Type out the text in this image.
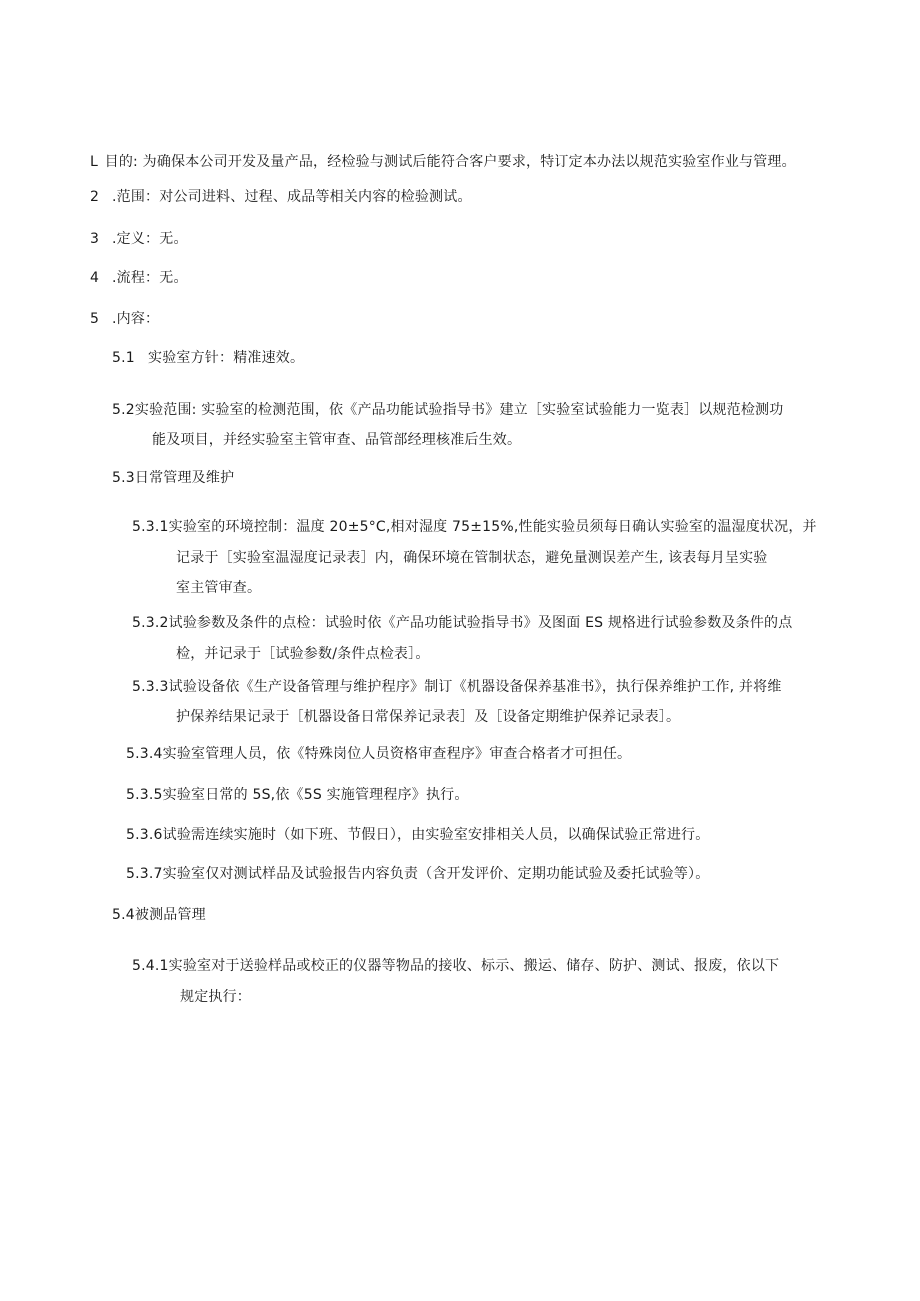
L 目的: 为确保本公司开发及量产品，经检验与测试后能符合客户要求，特订定本办法以规范实验室作业与管理。
2 .范围：对公司进料、过程、成品等相关内容的检验测试。
3 .定义：无。
4 .流程：无。
5 .内容：
5.1 实验室方针：精准速效。
5.2实验范围: 实验室的检测范围，依《产品功能试验指导书》建立［实验室试验能力一览表］以规范检测功
能及项目，并经实验室主管审查、品管部经理核准后生效。
5.3日常管理及维护
5.3.1实验室的环境控制：温度 20±5°C,相对湿度 75±15%,性能实验员须每日确认实验室的温湿度状况，并
记录于［实验室温湿度记录表］内，确保环境在管制状态，避免量测误差产生, 该表每月呈实验
室主管审查。
5.3.2试验参数及条件的点检：试验时依《产品功能试验指导书》及图面 ES 规格进行试验参数及条件的点
检，并记录于［试验参数/条件点检表］。
5.3.3试验设备依《生产设备管理与维护程序》制订《机器设备保养基准书》，执行保养维护工作, 并将维
护保养结果记录于［机器设备日常保养记录表］及［设备定期维护保养记录表］。
5.3.4实验室管理人员，依《特殊岗位人员资格审查程序》审查合格者才可担任。
5.3.5实验室日常的 5S,依《5S 实施管理程序》执行。
5.3.6试验需连续实施时（如下班、节假日），由实验室安排相关人员，以确保试验正常进行。
5.3.7实验室仅对测试样品及试验报告内容负责（含开发评价、定期功能试验及委托试验等）。
5.4被测品管理
5.4.1实验室对于送验样品或校正的仪器等物品的接收、标示、搬运、储存、防护、测试、报废，依以下
规定执行：
